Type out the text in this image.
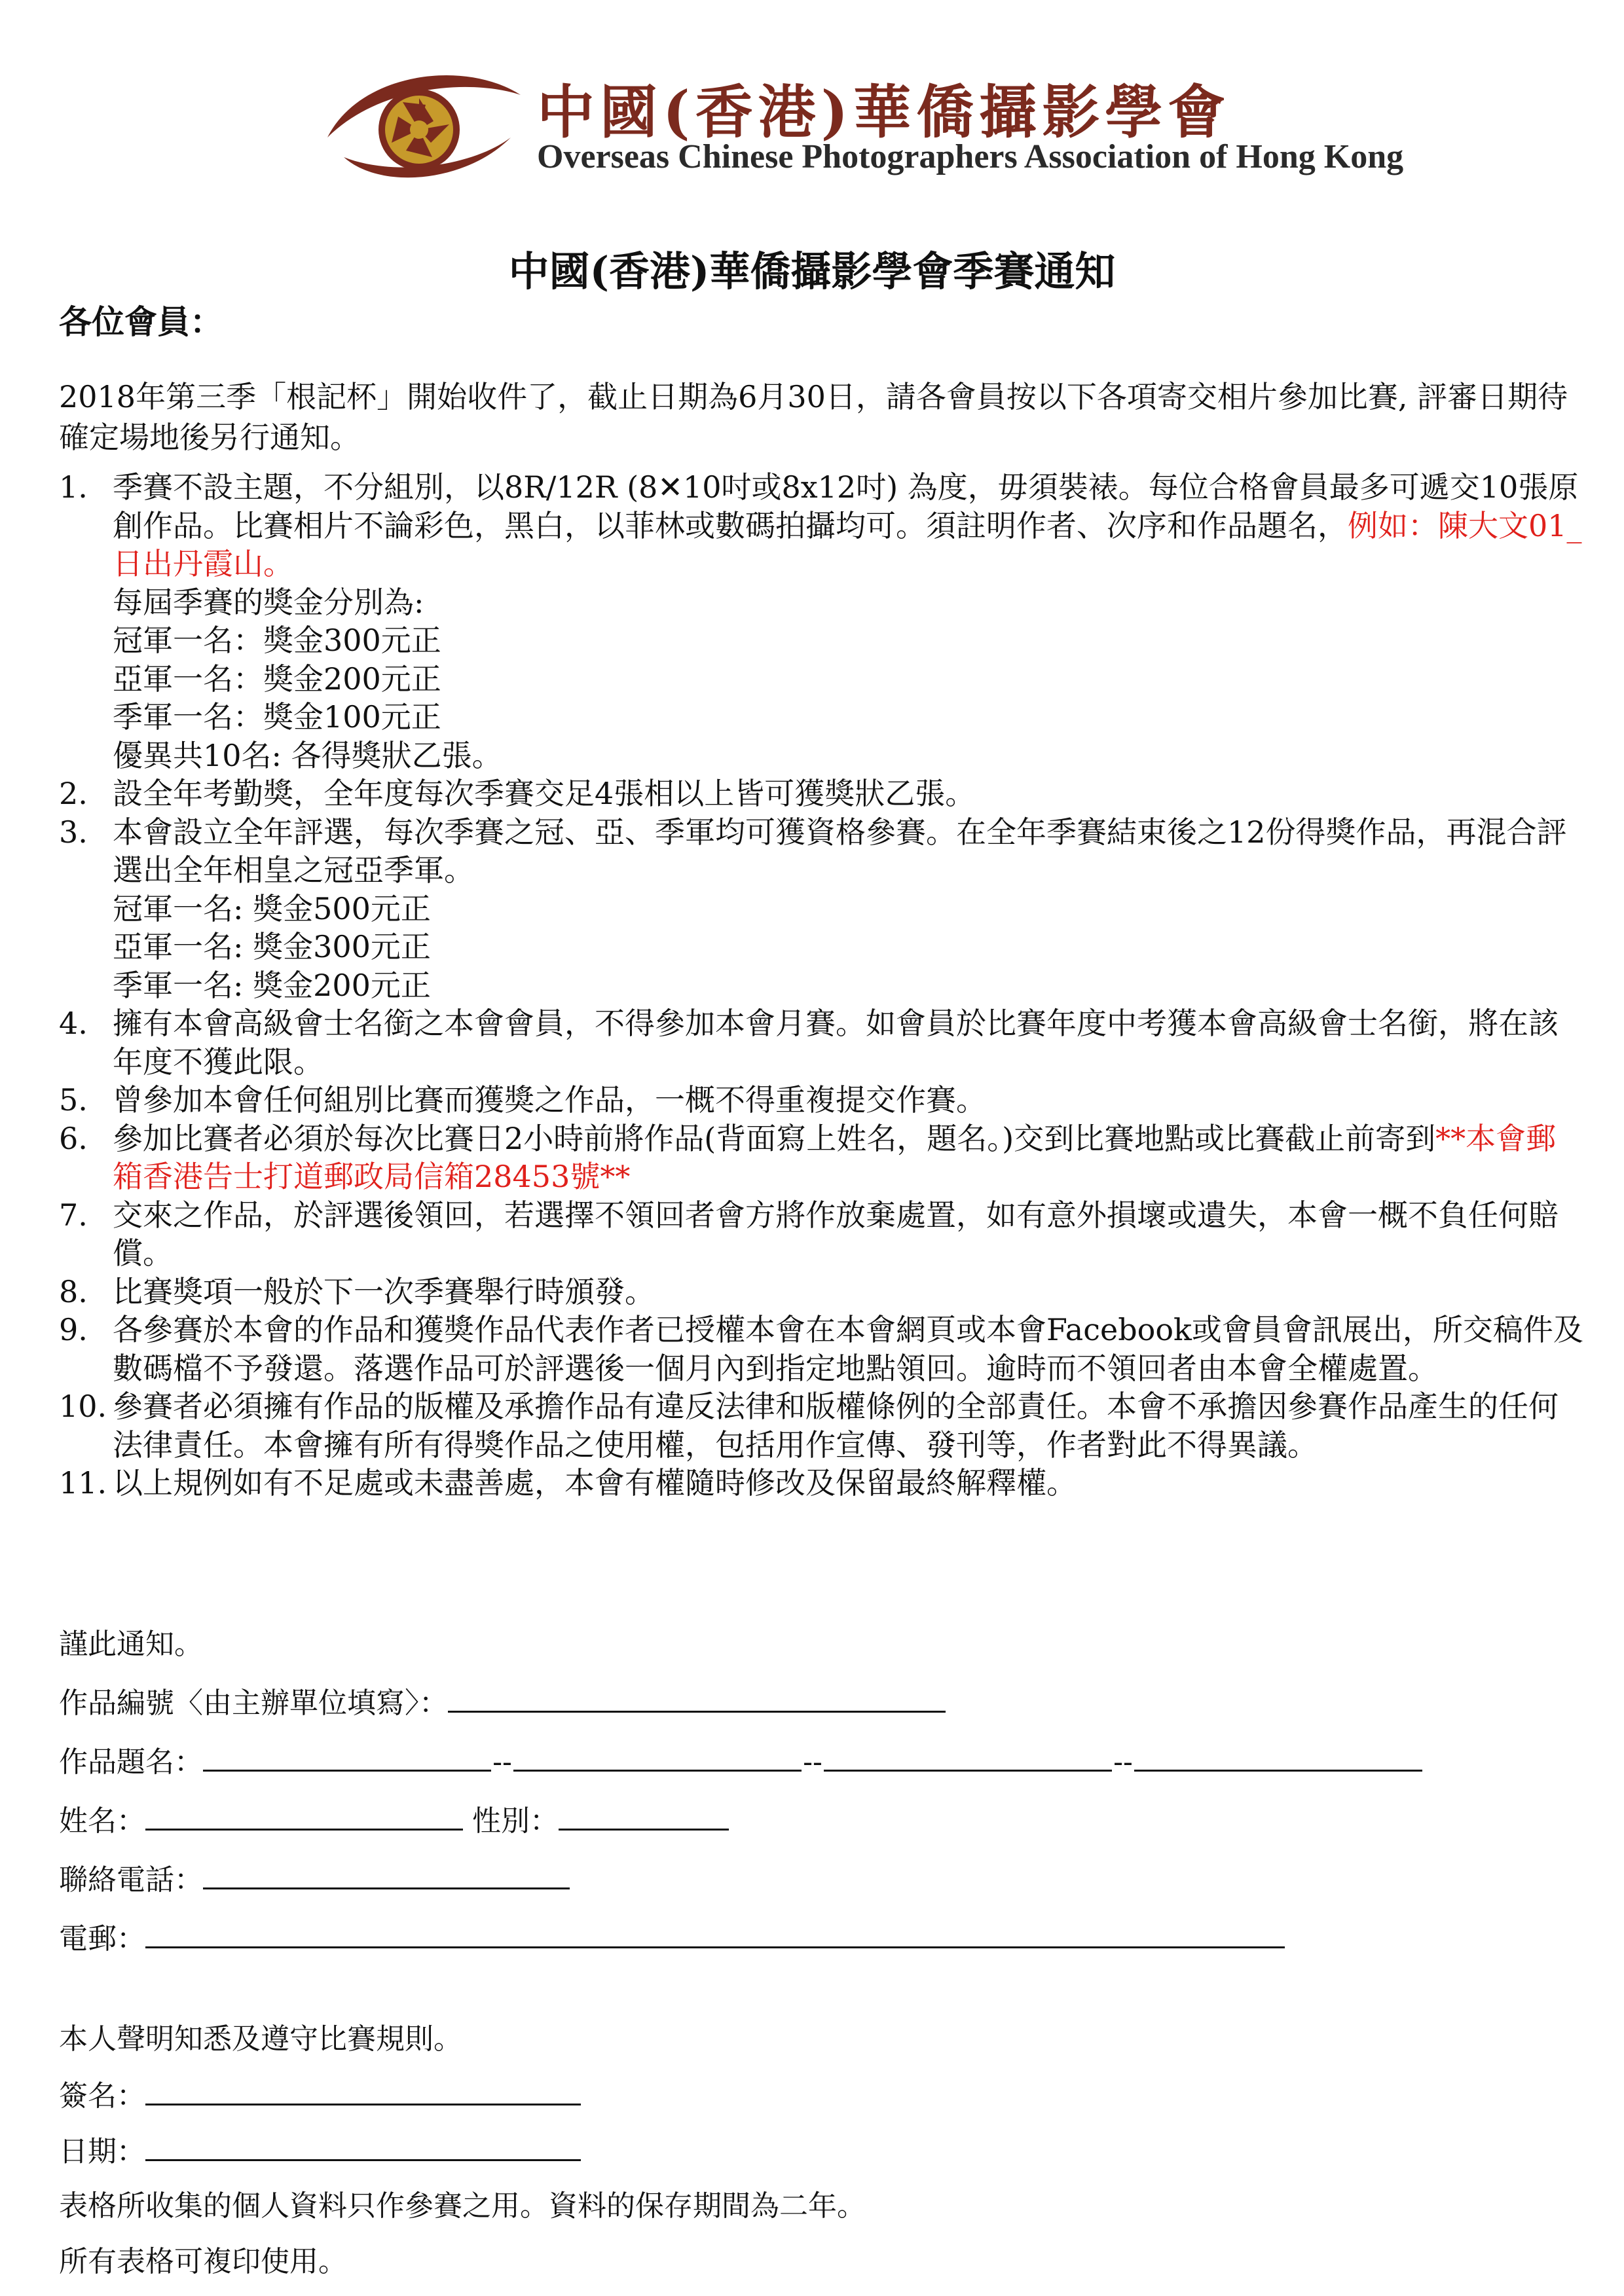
中國(香港)華僑攝影學會
Overseas Chinese Photographers Association of Hong Kong
中國(香港)華僑攝影學會季賽通知
各位會員：
2018年第三季「根記杯」開始收件了，截止日期為6月30日，請各會員按以下各項寄交相片參加比賽, 評審日期待確定場地後另行通知。
1. 季賽不設主題，不分組別，以8R/12R (8✕10吋或8x12吋) 為度，毋須裝裱。每位合格會員最多可遞交10張原創作品。比賽相片不論彩色，黑白，以菲林或數碼拍攝均可。須註明作者、次序和作品題名，例如：陳大文01_日出丹霞山。
每屆季賽的獎金分別為:
冠軍一名：獎金300元正
亞軍一名：獎金200元正
季軍一名：獎金100元正
優異共10名: 各得獎狀乙張。
2. 設全年考勤獎，全年度每次季賽交足4張相以上皆可獲獎狀乙張。
3. 本會設立全年評選，每次季賽之冠、亞、季軍均可獲資格參賽。在全年季賽結束後之12份得獎作品，再混合評選出全年相皇之冠亞季軍。
冠軍一名: 獎金500元正
亞軍一名: 獎金300元正
季軍一名: 獎金200元正
4. 擁有本會高級會士名銜之本會會員，不得參加本會月賽。如會員於比賽年度中考獲本會高級會士名銜，將在該年度不獲此限。
5. 曾參加本會任何組別比賽而獲獎之作品，一概不得重複提交作賽。
6. 參加比賽者必須於每次比賽日2小時前將作品(背面寫上姓名，題名。)交到比賽地點或比賽截止前寄到**本會郵箱香港告士打道郵政局信箱28453號**
7. 交來之作品，於評選後領回，若選擇不領回者會方將作放棄處置，如有意外損壞或遺失，本會一概不負任何賠償。
8. 比賽獎項一般於下一次季賽舉行時頒發。
9. 各參賽於本會的作品和獲獎作品代表作者已授權本會在本會網頁或本會Facebook或會員會訊展出，所交稿件及數碼檔不予發還。落選作品可於評選後一個月內到指定地點領回。逾時而不領回者由本會全權處置。
10. 參賽者必須擁有作品的版權及承擔作品有違反法律和版權條例的全部責任。本會不承擔因參賽作品產生的任何法律責任。本會擁有所有得獎作品之使用權，包括用作宣傳、發刊等，作者對此不得異議。
11. 以上規例如有不足處或未盡善處，本會有權隨時修改及保留最終解釋權。
謹此通知。
作品編號〈由主辦單位填寫〉：
作品題名：	--	--	--
姓名：	性別：
聯絡電話：
電郵：
本人聲明知悉及遵守比賽規則。
簽名：
日期：
表格所收集的個人資料只作參賽之用。資料的保存期間為二年。
所有表格可複印使用。
